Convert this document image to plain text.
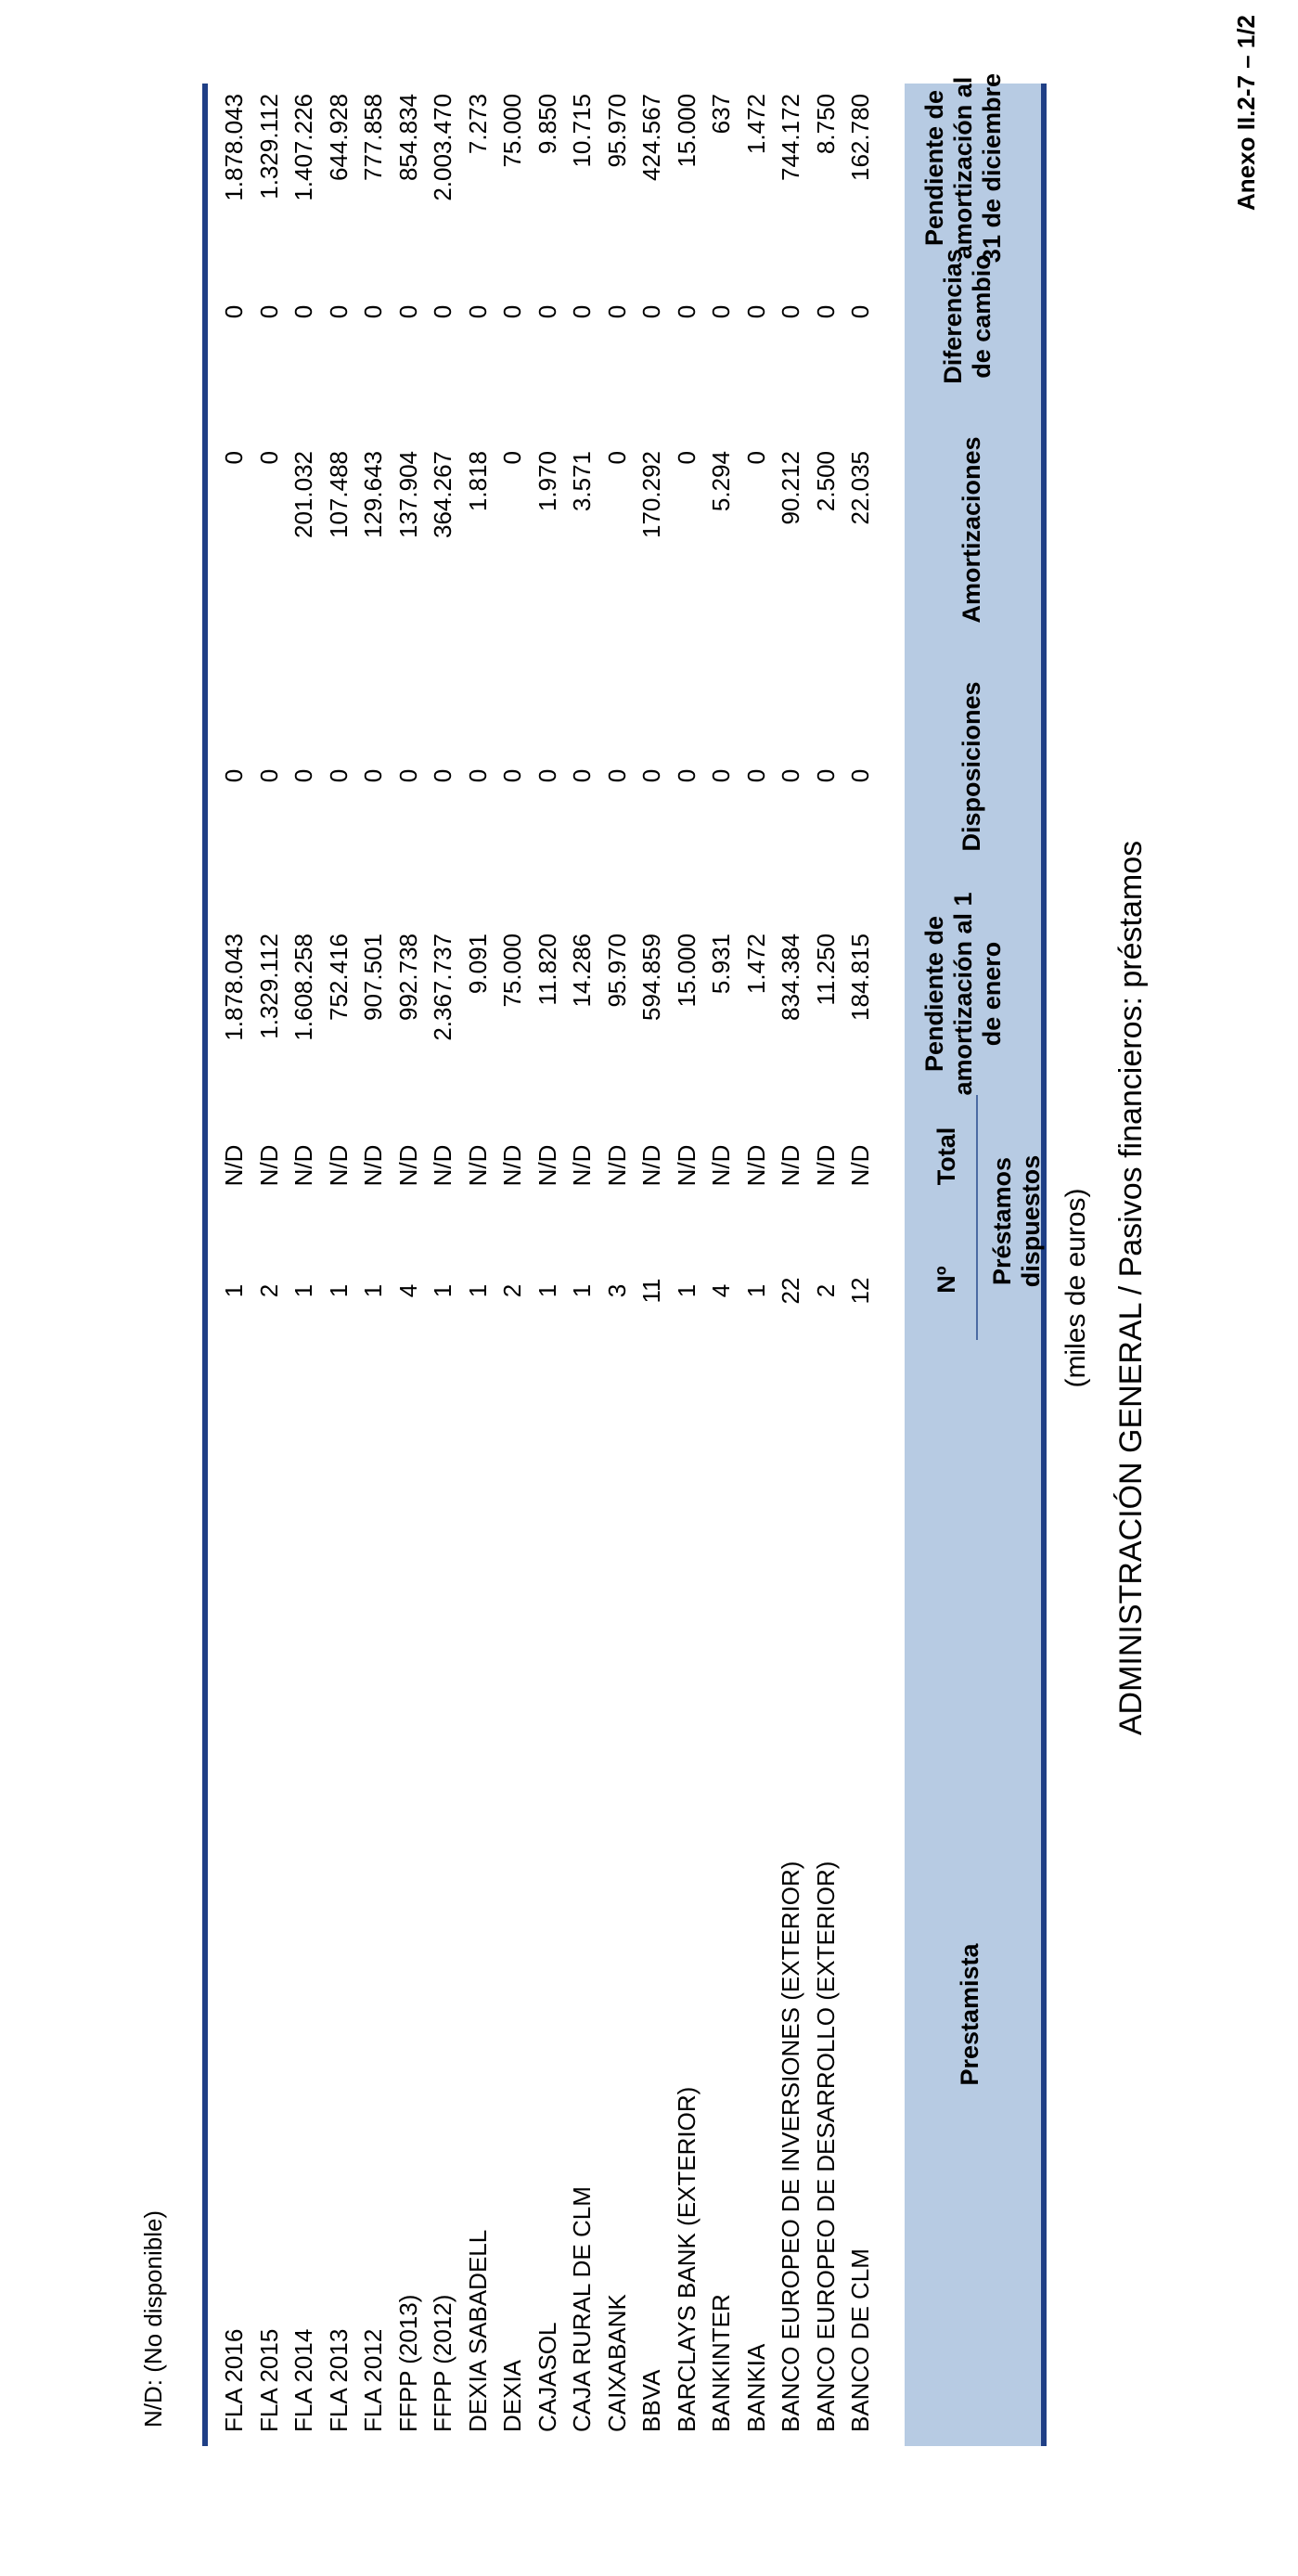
Anexo II.2-7 – 1/2
ADMINISTRACIÓN GENERAL / Pasivos financieros: préstamos
(miles de euros)
Prestamista
Préstamos dispuestos
Nº
Total
Pendiente de amortización al 1 de enero
Disposiciones
Amortizaciones
Diferencias de cambio
Pendiente de amortización al 31 de diciembre
BANCO DE CLM
12
N/D
184.815
0
22.035
0
162.780
BANCO EUROPEO DE DESARROLLO (EXTERIOR)
2
N/D
11.250
0
2.500
0
8.750
BANCO EUROPEO DE INVERSIONES (EXTERIOR)
22
N/D
834.384
0
90.212
0
744.172
BANKIA
1
N/D
1.472
0
0
0
1.472
BANKINTER
4
N/D
5.931
0
5.294
0
637
BARCLAYS BANK (EXTERIOR)
1
N/D
15.000
0
0
0
15.000
BBVA
11
N/D
594.859
0
170.292
0
424.567
CAIXABANK
3
N/D
95.970
0
0
0
95.970
CAJA RURAL DE CLM
1
N/D
14.286
0
3.571
0
10.715
CAJASOL
1
N/D
11.820
0
1.970
0
9.850
DEXIA
2
N/D
75.000
0
0
0
75.000
DEXIA SABADELL
1
N/D
9.091
0
1.818
0
7.273
FFPP (2012)
1
N/D
2.367.737
0
364.267
0
2.003.470
FFPP (2013)
4
N/D
992.738
0
137.904
0
854.834
FLA 2012
1
N/D
907.501
0
129.643
0
777.858
FLA 2013
1
N/D
752.416
0
107.488
0
644.928
FLA 2014
1
N/D
1.608.258
0
201.032
0
1.407.226
FLA 2015
2
N/D
1.329.112
0
0
0
1.329.112
FLA 2016
1
N/D
1.878.043
0
0
0
1.878.043
N/D: (No disponible)
